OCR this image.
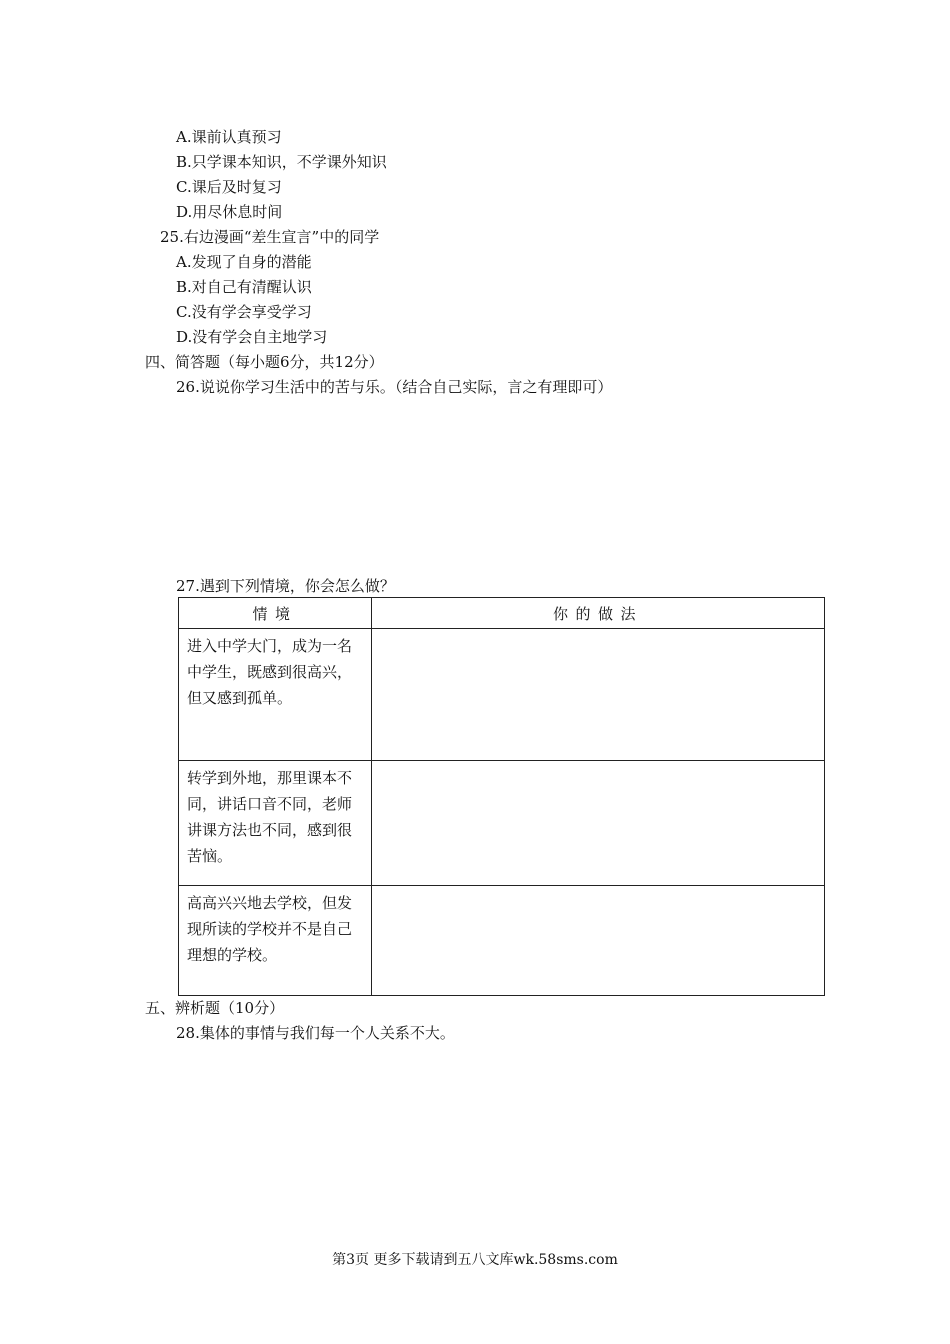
A.课前认真预习
B.只学课本知识，不学课外知识
C.课后及时复习
D.用尽休息时间
25.右边漫画“差生宣言”中的同学
A.发现了自身的潜能
B.对自己有清醒认识
C.没有学会享受学习
D.没有学会自主地学习
四、简答题（每小题6分，共12分）
26.说说你学习生活中的苦与乐。（结合自己实际，言之有理即可）
27.遇到下列情境，你会怎么做？
情境	你的做法

进入中学大门，成为一名中学生，既感到很高兴，但又感到孤单。	

转学到外地，那里课本不同，讲话口音不同，老师讲课方法也不同，感到很苦恼。	

高高兴兴地去学校，但发现所读的学校并不是自己理想的学校。	

五、辨析题（10分）
28.集体的事情与我们每一个人关系不大。
第3页 更多下载请到五八文库wk.58sms.com
